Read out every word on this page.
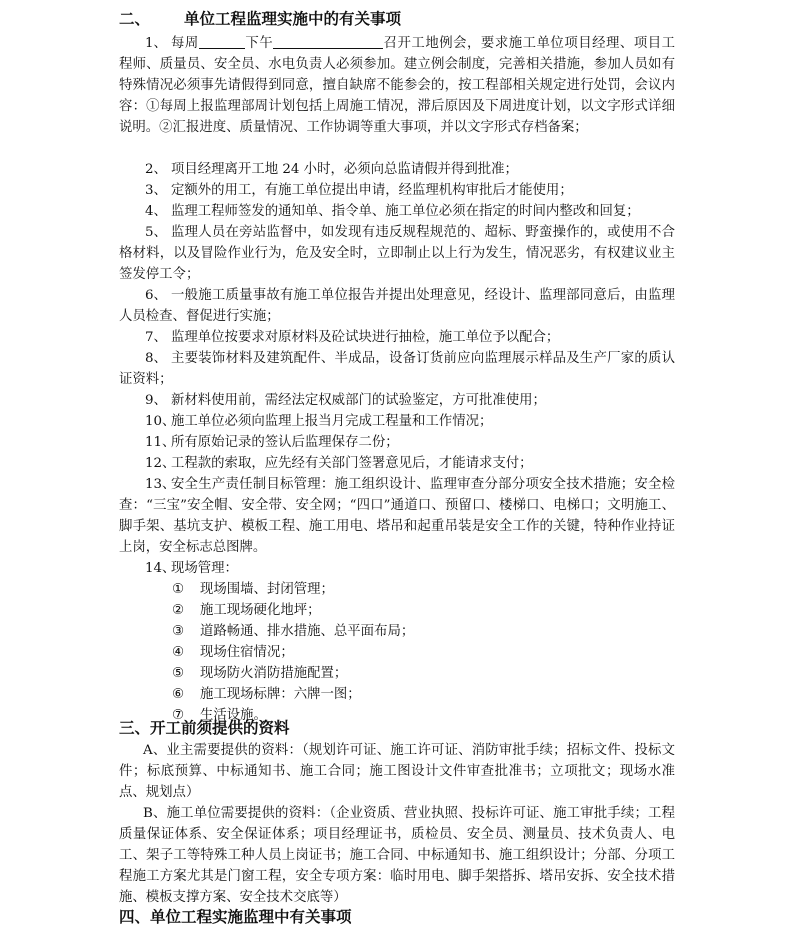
二、 单位工程监理实施中的有关事项
1、 每周	下午	召开工地例会，要求施工单位项目经理、项目工程师、质量员、安全员、水电负责人必须参加。建立例会制度，完善相关措施，参加人员如有特殊情况必须事先请假得到同意，擅自缺席不能参会的，按工程部相关规定进行处罚，会议内容：①每周上报监理部周计划包括上周施工情况，滞后原因及下周进度计划，以文字形式详细说明。②汇报进度、质量情况、工作协调等重大事项，并以文字形式存档备案；
2、 项目经理离开工地 24 小时，必须向总监请假并得到批准；
3、 定额外的用工，有施工单位提出申请，经监理机构审批后才能使用；
4、 监理工程师签发的通知单、指令单、施工单位必须在指定的时间内整改和回复；
5、 监理人员在旁站监督中，如发现有违反规程规范的、超标、野蛮操作的，或使用不合格材料，以及冒险作业行为，危及安全时，立即制止以上行为发生，情况恶劣，有权建议业主签发停工令；
6、 一般施工质量事故有施工单位报告并提出处理意见，经设计、监理部同意后，由监理人员检查、督促进行实施；
7、 监理单位按要求对原材料及砼试块进行抽检，施工单位予以配合；
8、 主要装饰材料及建筑配件、半成品，设备订货前应向监理展示样品及生产厂家的质认证资料；
9、 新材料使用前，需经法定权威部门的试验鉴定，方可批准使用；
10、
施工单位必须向监理上报当月完成工程量和工作情况；
11、
所有原始记录的签认后监理保存二份；
12、
工程款的索取，应先经有关部门签署意见后，才能请求支付；
13、
安全生产责任制目标管理：施工组织设计、监理审查分部分项安全技术措施；安全检查：“三宝”安全帽、安全带、安全网；“四口”通道口、预留口、楼梯口、电梯口；文明施工、脚手架、基坑支护、模板工程、施工用电、塔吊和起重吊装是安全工作的关键，特种作业持证上岗，安全标志总图牌。
14、
现场管理：
① 现场围墙、封闭管理；
② 施工现场硬化地坪；
③ 道路畅通、排水措施、总平面布局；
④ 现场住宿情况；
⑤ 现场防火消防措施配置；
⑥ 施工现场标牌：六牌一图；
⑦ 生活设施。
三、开工前须提供的资料
A、业主需要提供的资料：（规划许可证、施工许可证、消防审批手续；招标文件、投标文件；标底预算、中标通知书、施工合同；施工图设计文件审查批准书；立项批文；现场水准点、规划点）
B、施工单位需要提供的资料：（企业资质、营业执照、投标许可证、施工审批手续；工程质量保证体系、安全保证体系；项目经理证书，质检员、安全员、测量员、技术负责人、电工、架子工等特殊工种人员上岗证书；施工合同、中标通知书、施工组织设计；分部、分项工程施工方案尤其是门窗工程，安全专项方案：临时用电、脚手架搭拆、塔吊安拆、安全技术措施、模板支撑方案、安全技术交底等）
四、单位工程实施监理中有关事项
